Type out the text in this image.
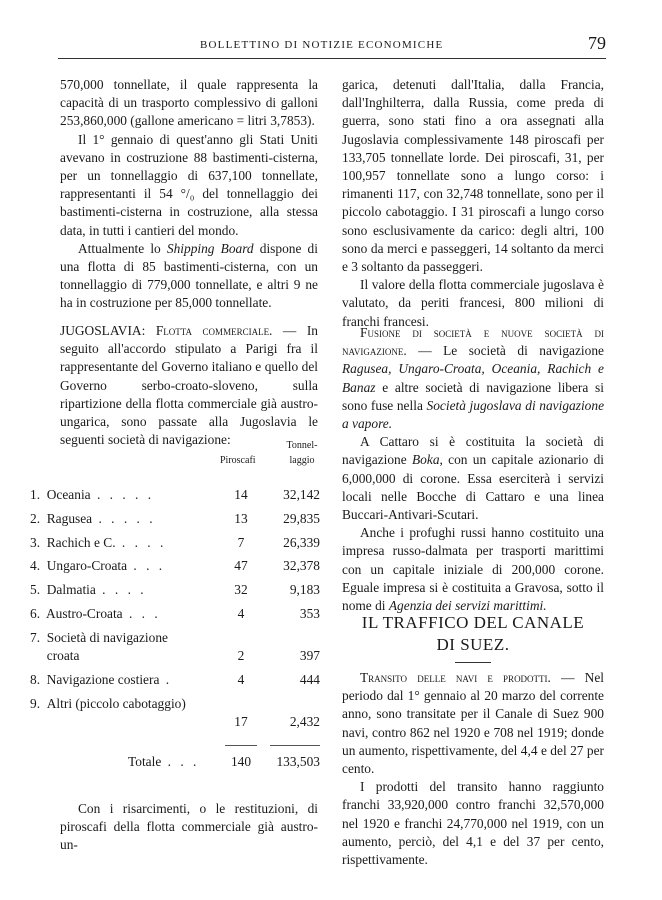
BOLLETTINO DI NOTIZIE ECONOMICHE	79

570,000 tonnellate, il quale rappresenta la capacità di un trasporto complessivo di galloni 253,860,000 (gallone americano = litri 3,7853).

Il 1° gennaio di quest'anno gli Stati Uniti avevano in costruzione 88 bastimenti-cisterna, per un tonnellaggio di 637,100 tonnellate, rappresentanti il 54 °/₀ del tonnellaggio dei bastimenti-cisterna in costruzione, alla stessa data, in tutti i cantieri del mondo.

Attualmente lo Shipping Board dispone di una flotta di 85 bastimenti-cisterna, con un tonnellaggio di 779,000 tonnellate, e altri 9 ne ha in costruzione per 85,000 tonnellate.

JUGOSLAVIA: Flotta commerciale. — In seguito all'accordo stipulato a Parigi fra il rappresentante del Governo italiano e quello del Governo serbo-croato-sloveno, sulla ripartizione della flotta commerciale già austro-ungarica, sono passate alla Jugoslavia le seguenti società di navigazione:

Piroscafi
Tonnel-laggio
1. Oceania . . . . .	14	32,142
2. Ragusea . . . . .	13	29,835
3. Rachich e C. . . . .	7	26,339
4. Ungaro-Croata . . .	47	32,378
5. Dalmatia . . . .	32	9,183
6. Austro-Croata . . .	4	353
7. Società di navigazione croata	2	397
8. Navigazione costiera .	4	444
9. Altri (piccolo cabotaggio)
17	2,432
Totale . . .	140	133,503

Con i risarcimenti, o le restituzioni, di piroscafi della flotta commerciale già austro-un-

garica, detenuti dall'Italia, dalla Francia, dall'Inghilterra, dalla Russia, come preda di guerra, sono stati fino a ora assegnati alla Jugoslavia complessivamente 148 piroscafi per 133,705 tonnellate lorde. Dei piroscafi, 31, per 100,957 tonnellate sono a lungo corso: i rimanenti 117, con 32,748 tonnellate, sono per il piccolo cabotaggio. I 31 piroscafi a lungo corso sono esclusivamente da carico: degli altri, 100 sono da merci e passeggeri, 14 soltanto da merci e 3 soltanto da passeggeri.

Il valore della flotta commerciale jugoslava è valutato, da periti francesi, 800 milioni di franchi francesi.

Fusione di società e nuove società di navigazione. — Le società di navigazione Ragusea, Ungaro-Croata, Oceania, Rachich e Banaz e altre società di navigazione libera si sono fuse nella Società jugoslava di navigazione a vapore.

A Cattaro si è costituita la società di navigazione Boka, con un capitale azionario di 6,000,000 di corone. Essa eserciterà i servizi locali nelle Bocche di Cattaro e una linea Buccari-Antivari-Scutari.

Anche i profughi russi hanno costituito una impresa russo-dalmata per trasporti marittimi con un capitale iniziale di 200,000 corone. Eguale impresa si è costituita a Gravosa, sotto il nome di Agenzia dei servizi marittimi.

IL TRAFFICO DEL CANALE
DI SUEZ.

Transito delle navi e prodotti. — Nel periodo dal 1° gennaio al 20 marzo del corrente anno, sono transitate per il Canale di Suez 900 navi, contro 862 nel 1920 e 708 nel 1919; donde un aumento, rispettivamente, del 4,4 e del 27 per cento.

I prodotti del transito hanno raggiunto franchi 33,920,000 contro franchi 32,570,000 nel 1920 e franchi 24,770,000 nel 1919, con un aumento, perciò, del 4,1 e del 37 per cento, rispettivamente.
